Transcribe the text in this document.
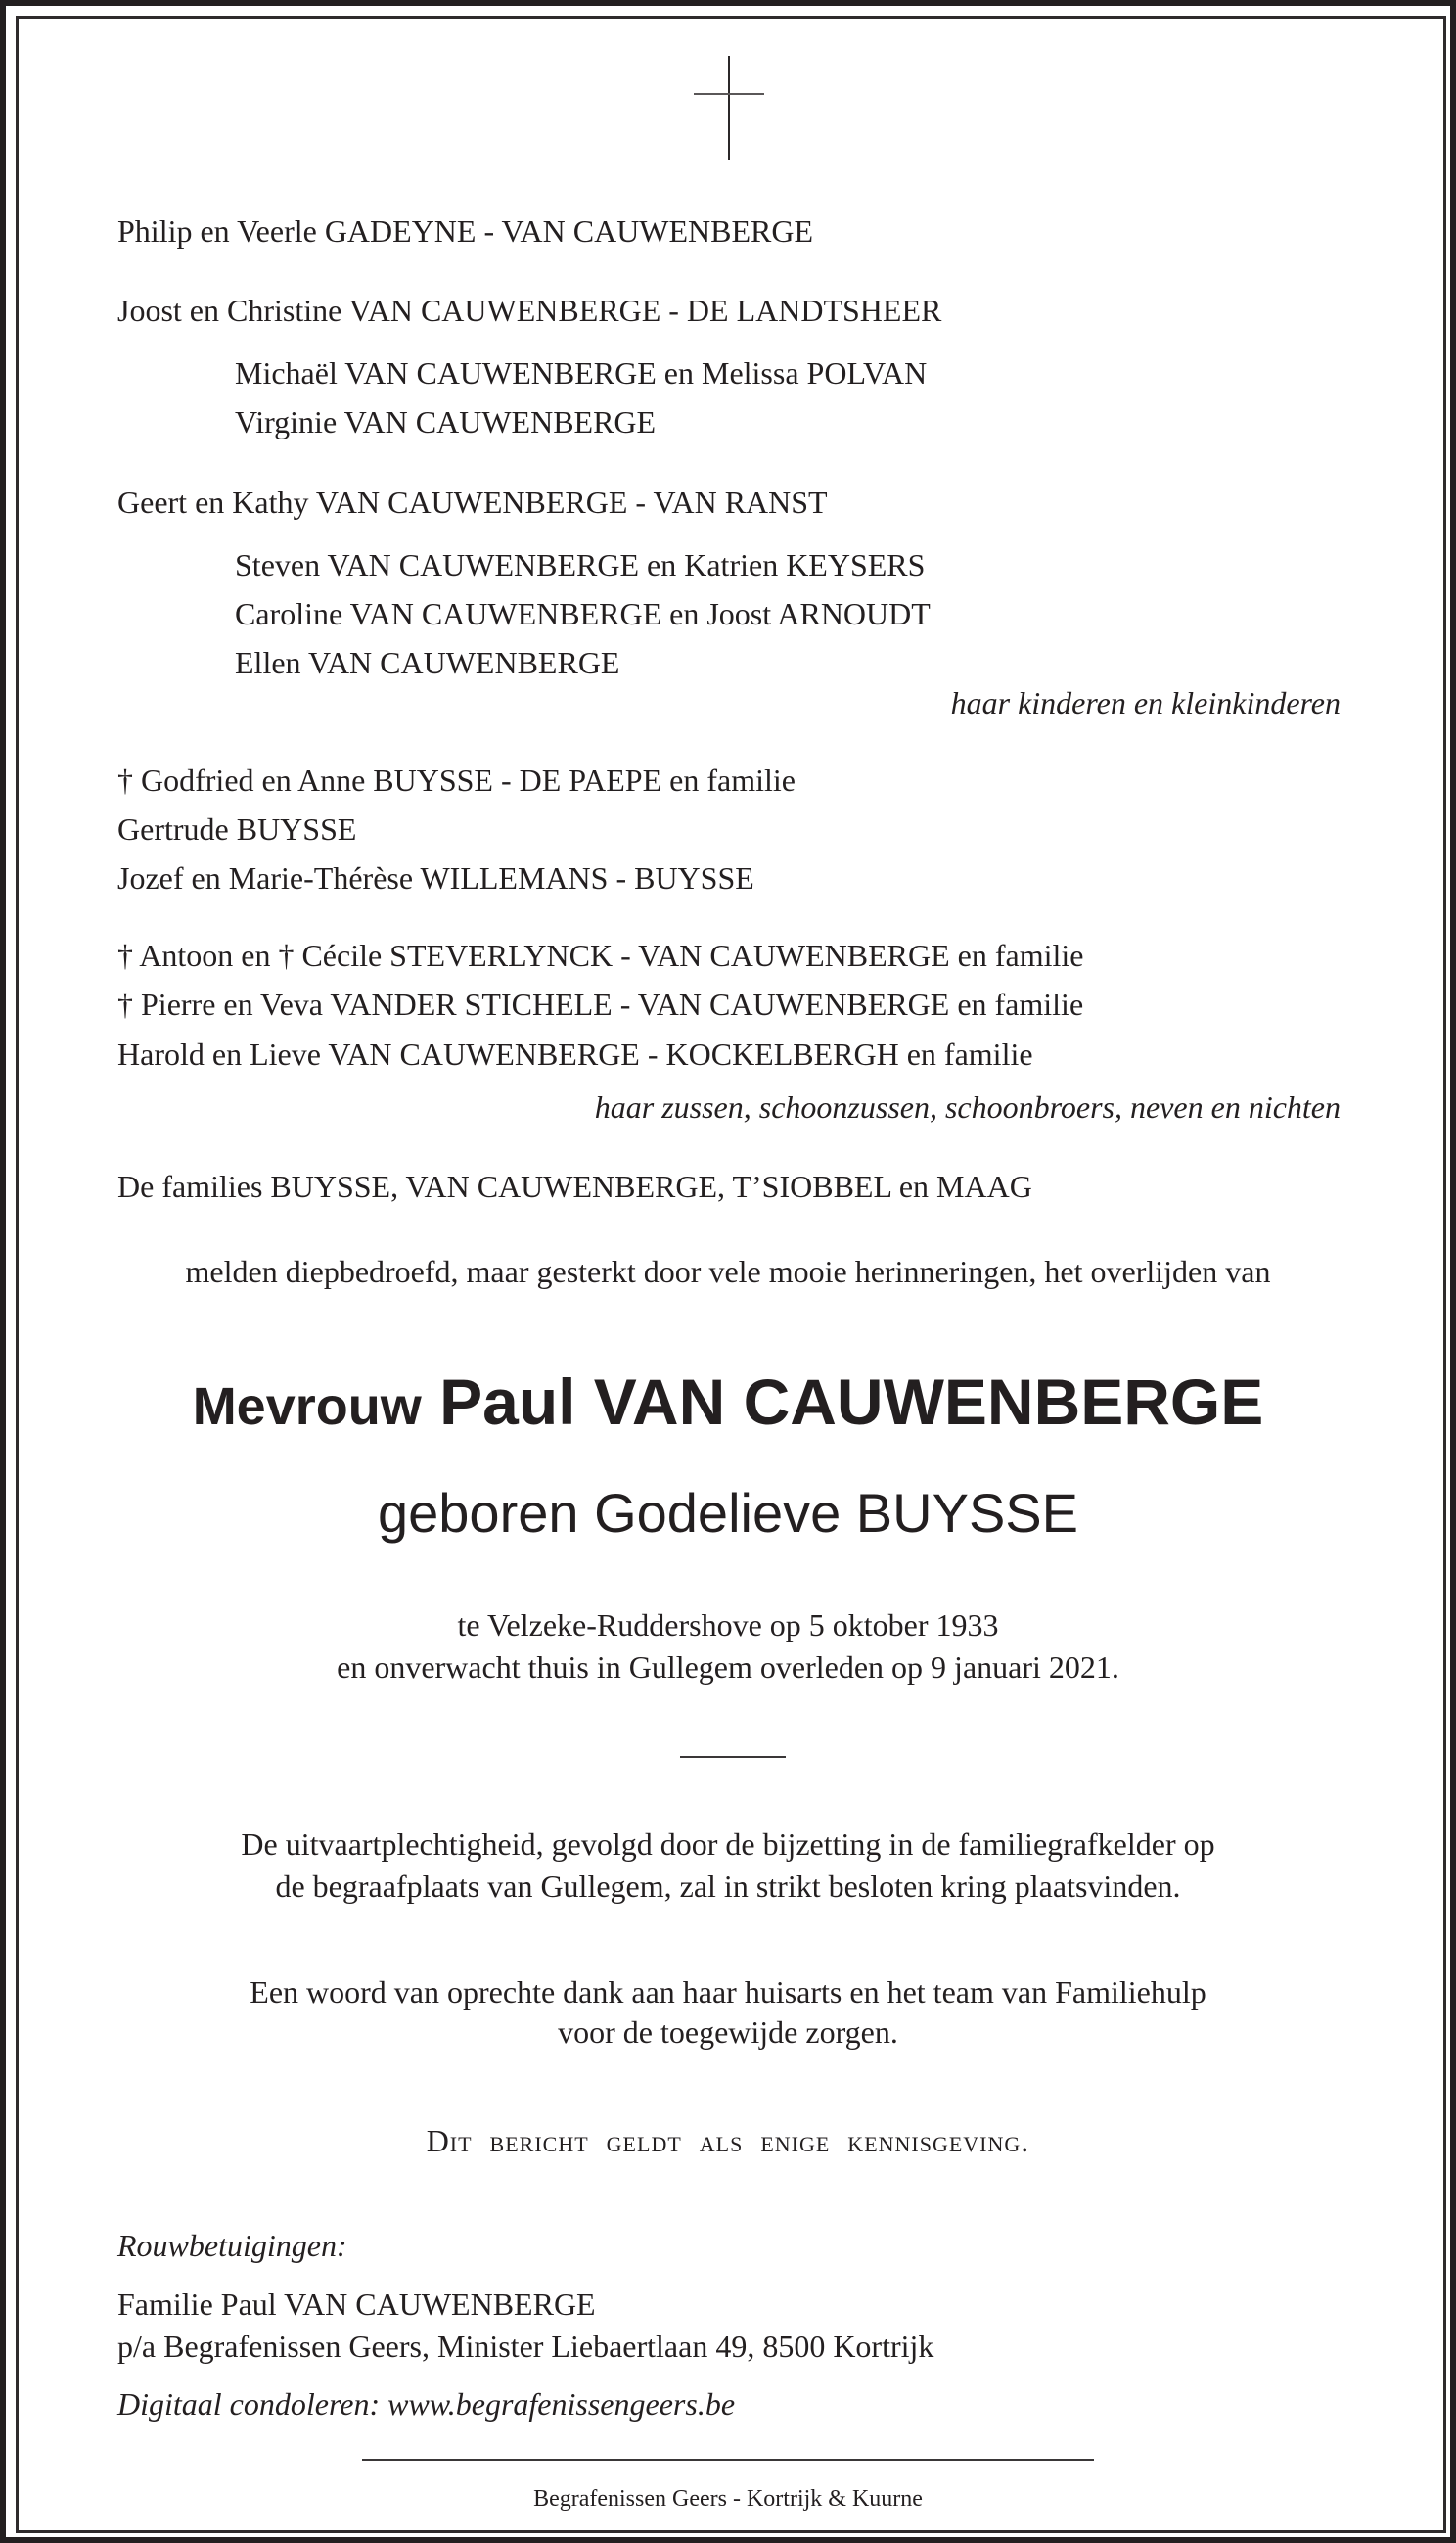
Philip en Veerle GADEYNE - VAN CAUWENBERGE
Joost en Christine VAN CAUWENBERGE - DE LANDTSHEER
Michaël VAN CAUWENBERGE en Melissa POLVAN
Virginie VAN CAUWENBERGE
Geert en Kathy VAN CAUWENBERGE - VAN RANST
Steven VAN CAUWENBERGE en Katrien KEYSERS
Caroline VAN CAUWENBERGE en Joost ARNOUDT
Ellen VAN CAUWENBERGE
haar kinderen en kleinkinderen
† Godfried en Anne BUYSSE - DE PAEPE en familie
Gertrude BUYSSE
Jozef en Marie-Thérèse WILLEMANS - BUYSSE
† Antoon en † Cécile STEVERLYNCK - VAN CAUWENBERGE en familie
† Pierre en Veva VANDER STICHELE - VAN CAUWENBERGE en familie
Harold en Lieve VAN CAUWENBERGE - KOCKELBERGH en familie
haar zussen, schoonzussen, schoonbroers, neven en nichten
De families BUYSSE, VAN CAUWENBERGE, T’SIOBBEL en MAAG
melden diepbedroefd, maar gesterkt door vele mooie herinneringen, het overlijden van
Mevrouw Paul VAN CAUWENBERGE
geboren Godelieve BUYSSE
te Velzeke-Ruddershove op 5 oktober 1933
en onverwacht thuis in Gullegem overleden op 9 januari 2021.
De uitvaartplechtigheid, gevolgd door de bijzetting in de familiegrafkelder op
de begraafplaats van Gullegem, zal in strikt besloten kring plaatsvinden.
Een woord van oprechte dank aan haar huisarts en het team van Familiehulp
voor de toegewijde zorgen.
Dit bericht geldt als enige kennisgeving.
Rouwbetuigingen:
Familie Paul VAN CAUWENBERGE
p/a Begrafenissen Geers, Minister Liebaertlaan 49, 8500 Kortrijk
Digitaal condoleren: www.begrafenissengeers.be
Begrafenissen Geers - Kortrijk & Kuurne
